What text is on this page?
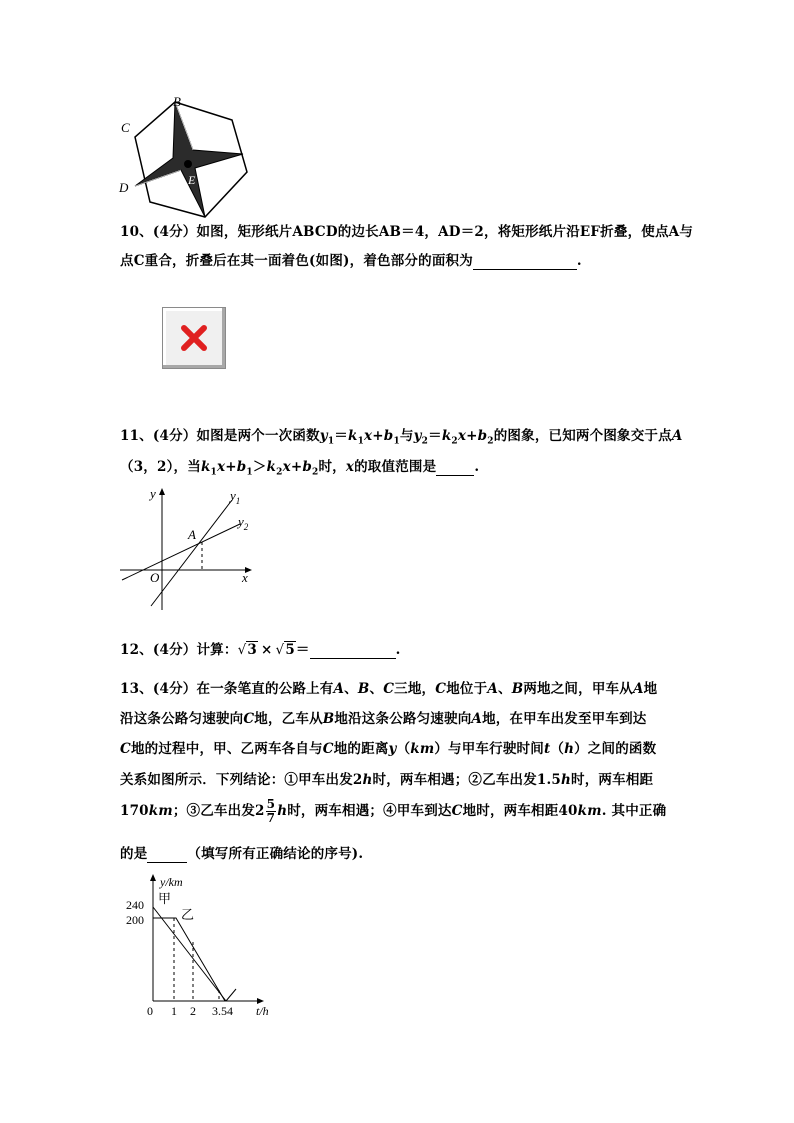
B
C
A
D	E
10、(4分）如图，矩形纸片ABCD的边长AB＝4，AD＝2，将矩形纸片沿EF折叠，使点A与
点C重合，折叠后在其一面着色(如图)，着色部分的面积为	.
11、(4分）如图是两个一次函数$y_1=k_1x+b_1$与$y_2=k_2x+b_2$的图象，已知两个图象交于点A
（3，2），当$k_1x+b_1>k_2x+b_2$时，x的取值范围是	.
y	$y_1$
$y_2$
A
O	x
12、(4分）计算：√3 × √5＝	.
13、(4分）在一条笔直的公路上有A、B、C三地，C地位于A、B两地之间，甲车从A地
沿这条公路匀速驶向C地，乙车从B地沿这条公路匀速驶向A地，在甲车出发至甲车到达
C地的过程中，甲、乙两车各自与C地的距离y（km）与甲车行驶时间t（h）之间的函数
关系如图所示．下列结论：①甲车出发2h时，两车相遇；②乙车出发1.5h时，两车相距
170km；③乙车出发$2 \frac{5}{7}$ h时，两车相遇；④甲车到达C地时，两车相距40km. 其中正确
的是	（填写所有正确结论的序号).
y/km
240
200
甲
乙
0 1 2 3.54 t/h
